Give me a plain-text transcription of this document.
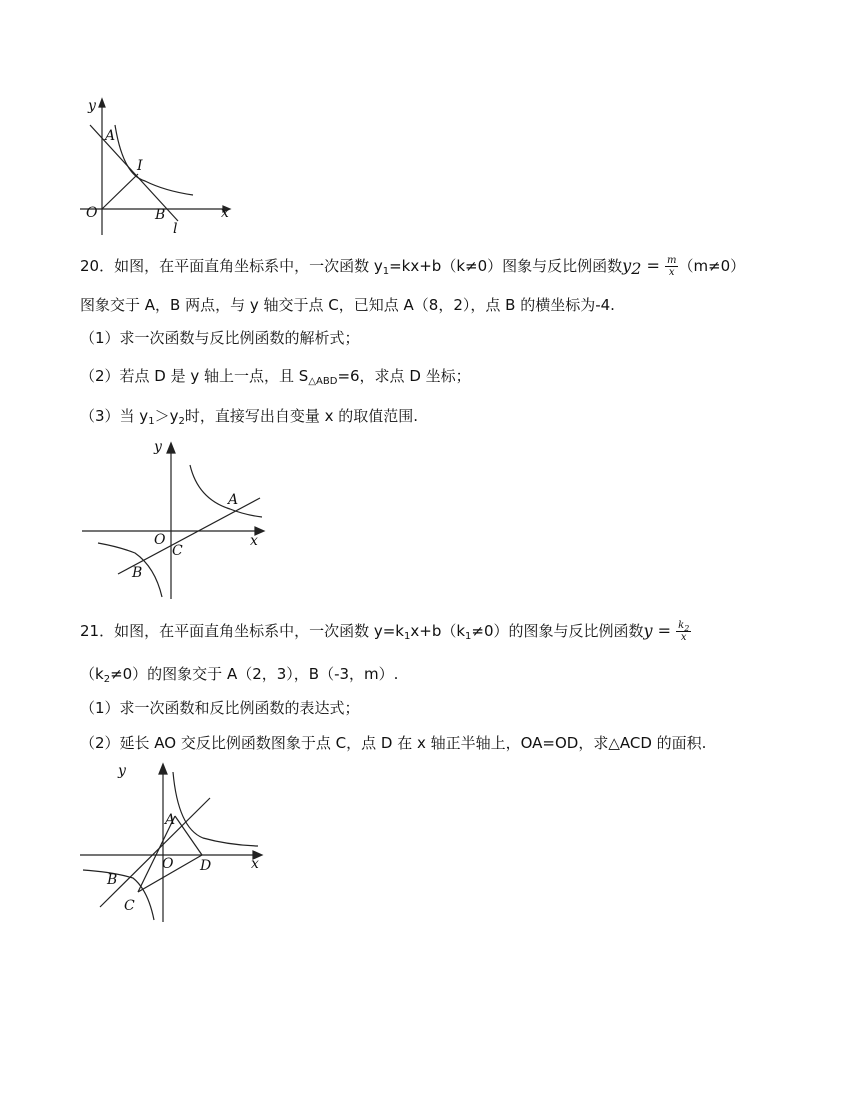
y
x
O
A
I
B
l
20．如图，在平面直角坐标系中，一次函数 $y_1=kx+b(k\ne 0)$图象与反比例函数$y_2 = \frac{m}{x} (m\ne 0)$
图象交于 A，B 两点，与 y 轴交于点 C，已知点 A（8，2），点 B 的横坐标为-4.
（1）求一次函数与反比例函数的解析式；
（2）若点 D 是 y 轴上一点，且 $S_{\triangle ABD}=6$，求点 D 坐标；
（3）当 $y_1>y_2$时，直接写出自变量 x 的取值范围.
y
x
O
A
B
C
21．如图，在平面直角坐标系中，一次函数 $y=k_1x+b(k_1\ne 0)$的图象与反比例函数$y = \frac{k_2}{x}$
$(k_2\ne 0)$的图象交于 A（2，3），B（-3，m）.
（1）求一次函数和反比例函数的表达式；
（2）延长 AO 交反比例函数图象于点 C，点 D 在 x 轴正半轴上，OA=OD，求△ACD 的面积.
y
x
O
A
B
C
D
